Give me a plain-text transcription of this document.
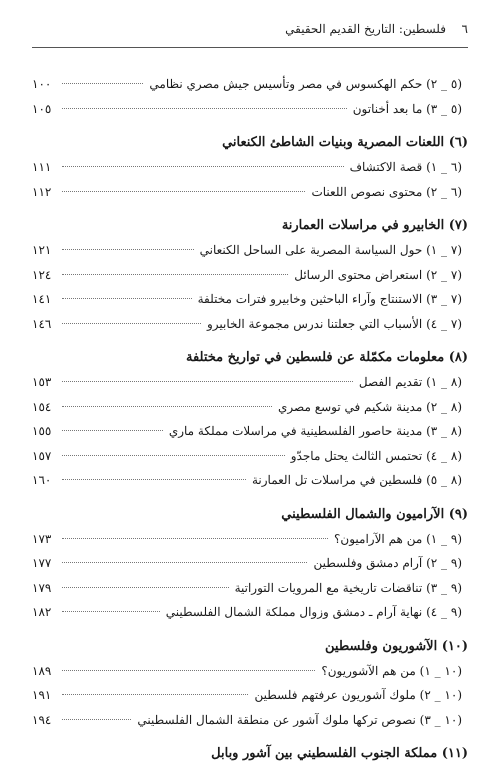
٦
فلسطين: التاريخ القديم الحقيقي
(٥ _ ٢) حكم الهكسوس في مصر وتأسيس جيش مصري نظامي
١٠٠
(٥ _ ٣) ما بعد أخناتون
١٠٥
(٦) اللعنات المصرية وبنيات الشاطئ الكنعاني
(٦ _ ١) قصة الاكتشاف
١١١
(٦ _ ٢) محتوى نصوص اللعنات
١١٢
(٧) الخابيرو في مراسلات العمارنة
(٧ _ ١) حول السياسة المصرية على الساحل الكنعاني
١٢١
(٧ _ ٢) استعراض محتوى الرسائل
١٢٤
(٧ _ ٣) الاستنتاج وآراء الباحثين وخابيرو فترات مختلفة
١٤١
(٧ _ ٤) الأسباب التي جعلتنا ندرس مجموعة الخابيرو
١٤٦
(٨) معلومات مكمّلة عن فلسطين في تواريخ مختلفة
(٨ _ ١) تقديم الفصل
١٥٣
(٨ _ ٢) مدينة شكيم في توسع مصري
١٥٤
(٨ _ ٣) مدينة حاصور الفلسطينية في مراسلات مملكة ماري
١٥٥
(٨ _ ٤) تحتمس الثالث يحتل ماجدّو
١٥٧
(٨ _ ٥) فلسطين في مراسلات تل العمارنة
١٦٠
(٩) الآراميون والشمال الفلسطيني
(٩ _ ١) من هم الآراميون؟
١٧٣
(٩ _ ٢) آرام دمشق وفلسطين
١٧٧
(٩ _ ٣) تناقضات تاريخية مع المرويات التوراتية
١٧٩
(٩ _ ٤) نهاية آرام ـ دمشق وزوال مملكة الشمال الفلسطيني
١٨٢
(١٠) الآشوريون وفلسطين
(١٠ _ ١) من هم الآشوريون؟
١٨٩
(١٠ _ ٢) ملوك آشوريون عرفتهم فلسطين
١٩١
(١٠ _ ٣) نصوص تركها ملوك آشور عن منطقة الشمال الفلسطيني
١٩٤
(١١) مملكة الجنوب الفلسطيني بين آشور وبابل
